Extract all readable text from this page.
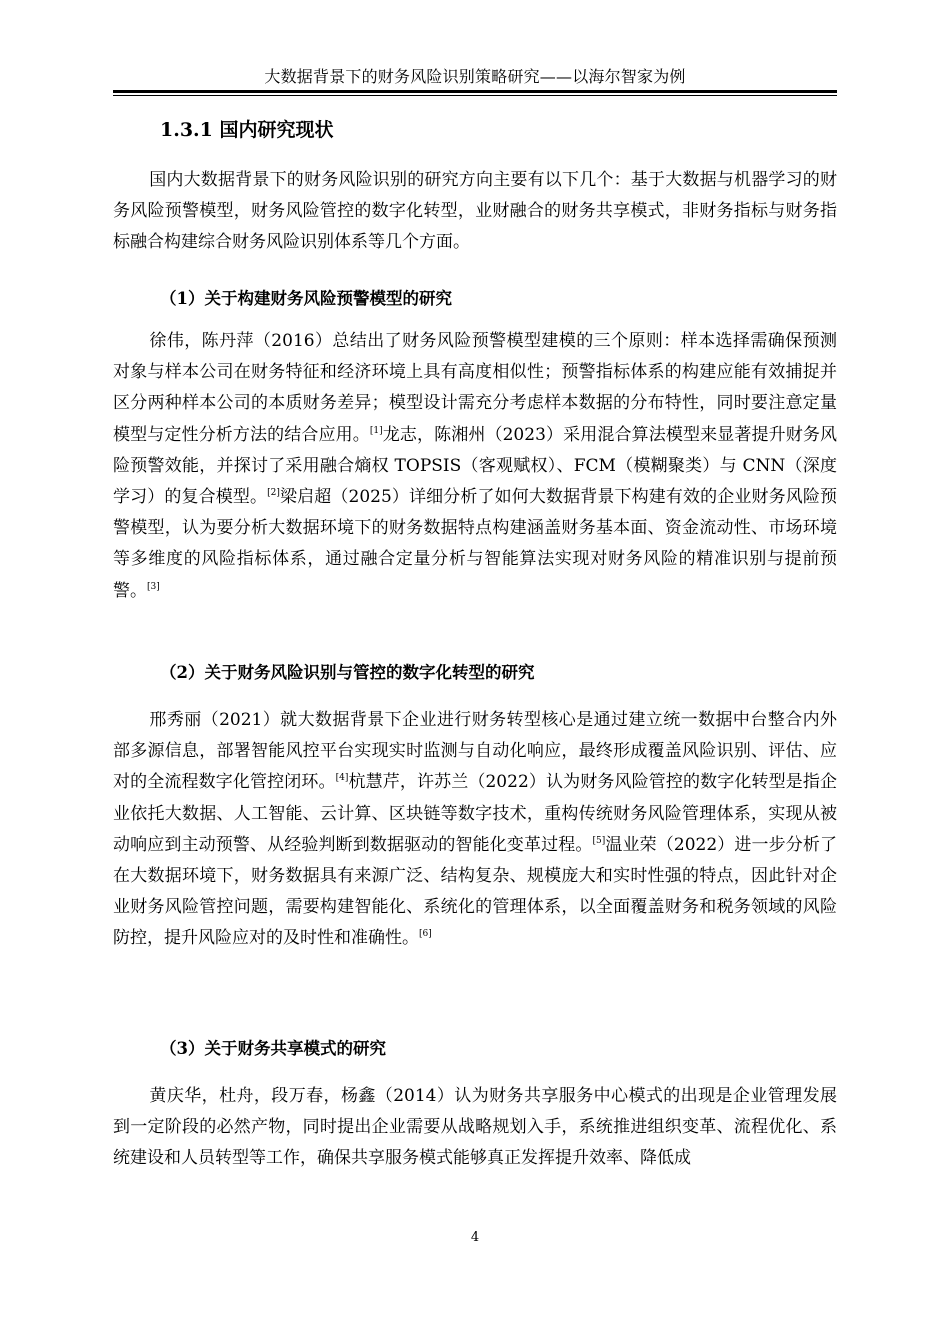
大数据背景下的财务风险识别策略研究——以海尔智家为例
1.3.1 国内研究现状
国内大数据背景下的财务风险识别的研究方向主要有以下几个：基于大数据与机器学习的财务风险预警模型，财务风险管控的数字化转型，业财融合的财务共享模式，非财务指标与财务指标融合构建综合财务风险识别体系等几个方面。
（1）关于构建财务风险预警模型的研究
徐伟，陈丹萍（2016）总结出了财务风险预警模型建模的三个原则：样本选择需确保预测对象与样本公司在财务特征和经济环境上具有高度相似性；预警指标体系的构建应能有效捕捉并区分两种样本公司的本质财务差异；模型设计需充分考虑样本数据的分布特性，同时要注意定量模型与定性分析方法的结合应用。[1]龙志，陈湘州（2023）采用混合算法模型来显著提升财务风险预警效能，并探讨了采用融合熵权 TOPSIS（客观赋权）、FCM（模糊聚类）与 CNN（深度学习）的复合模型。[2]梁启超（2025）详细分析了如何大数据背景下构建有效的企业财务风险预警模型，认为要分析大数据环境下的财务数据特点构建涵盖财务基本面、资金流动性、市场环境等多维度的风险指标体系，通过融合定量分析与智能算法实现对财务风险的精准识别与提前预警。[3]
（2）关于财务风险识别与管控的数字化转型的研究
邢秀丽（2021）就大数据背景下企业进行财务转型核心是通过建立统一数据中台整合内外部多源信息，部署智能风控平台实现实时监测与自动化响应，最终形成覆盖风险识别、评估、应对的全流程数字化管控闭环。[4]杭慧芹，许苏兰（2022）认为财务风险管控的数字化转型是指企业依托大数据、人工智能、云计算、区块链等数字技术，重构传统财务风险管理体系，实现从被动响应到主动预警、从经验判断到数据驱动的智能化变革过程。[5]温业荣（2022）进一步分析了在大数据环境下，财务数据具有来源广泛、结构复杂、规模庞大和实时性强的特点，因此针对企业财务风险管控问题，需要构建智能化、系统化的管理体系，以全面覆盖财务和税务领域的风险防控，提升风险应对的及时性和准确性。[6]
（3）关于财务共享模式的研究
黄庆华，杜舟，段万春，杨鑫（2014）认为财务共享服务中心模式的出现是企业管理发展到一定阶段的必然产物，同时提出企业需要从战略规划入手，系统推进组织变革、流程优化、系统建设和人员转型等工作，确保共享服务模式能够真正发挥提升效率、降低成
4
